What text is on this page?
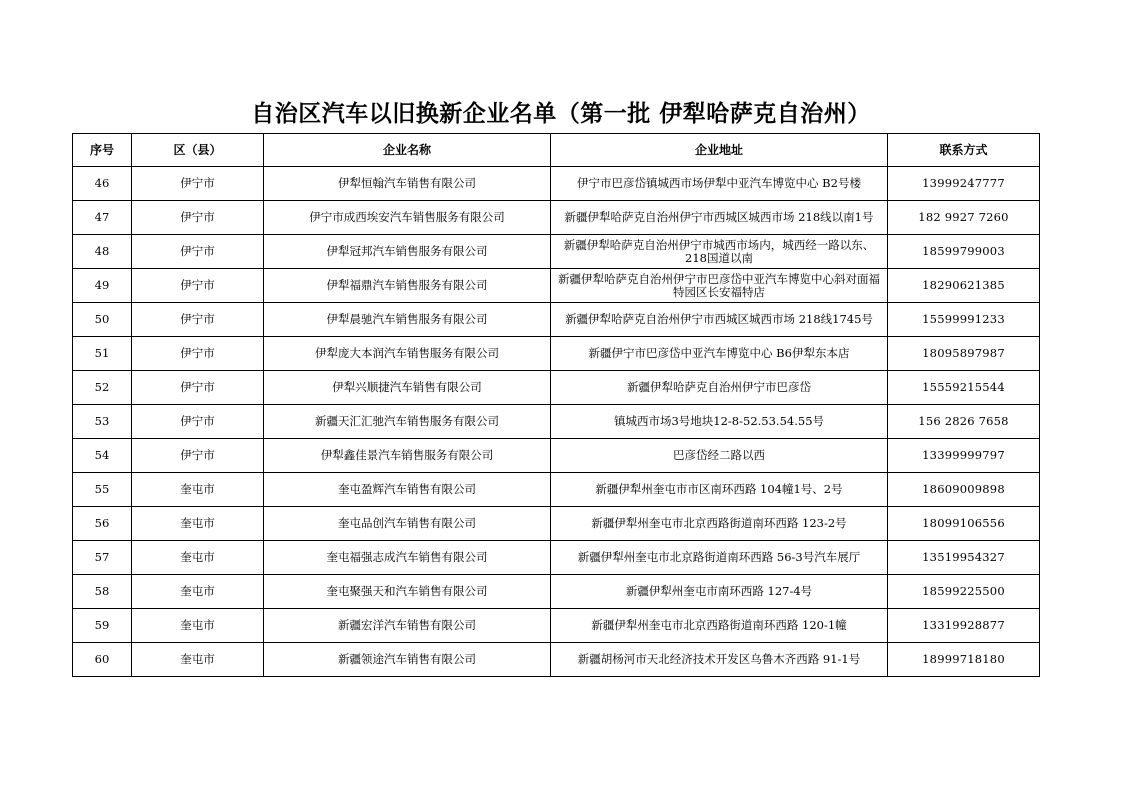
自治区汽车以旧换新企业名单（第一批 伊犁哈萨克自治州）
序号	区（县）	企业名称	企业地址	联系方式
46	伊宁市	伊犁恒翰汽车销售有限公司	伊宁市巴彦岱镇城西市场伊犁中亚汽车博览中心 B2号楼	13999247777
47	伊宁市	伊宁市成西埃安汽车销售服务有限公司	新疆伊犁哈萨克自治州伊宁市西城区城西市场 218线以南1号	182 9927 7260
48	伊宁市	伊犁冠邦汽车销售服务有限公司	新疆伊犁哈萨克自治州伊宁市城西市场内，城西经一路以东、218国道以南	18599799003
49	伊宁市	伊犁福鼎汽车销售服务有限公司	新疆伊犁哈萨克自治州伊宁市巴彦岱中亚汽车博览中心斜对面福特园区长安福特店	18290621385
50	伊宁市	伊犁晨驰汽车销售服务有限公司	新疆伊犁哈萨克自治州伊宁市西城区城西市场 218线1745号	15599991233
51	伊宁市	伊犁庞大本润汽车销售服务有限公司	新疆伊宁市巴彦岱中亚汽车博览中心 B6伊犁东本店	18095897987
52	伊宁市	伊犁兴顺捷汽车销售有限公司	新疆伊犁哈萨克自治州伊宁市巴彦岱	15559215544
53	伊宁市	新疆天汇汇驰汽车销售服务有限公司	镇城西市场3号地块12-8-52.53.54.55号	156 2826 7658
54	伊宁市	伊犁鑫佳景汽车销售服务有限公司	巴彦岱经二路以西	13399999797
55	奎屯市	奎屯盈辉汽车销售有限公司	新疆伊犁州奎屯市市区南环西路 104幢1号、2号	18609009898
56	奎屯市	奎屯品创汽车销售有限公司	新疆伊犁州奎屯市北京西路街道南环西路 123-2号	18099106556
57	奎屯市	奎屯福强志成汽车销售有限公司	新疆伊犁州奎屯市北京路街道南环西路 56-3号汽车展厅	13519954327
58	奎屯市	奎屯聚强天和汽车销售有限公司	新疆伊犁州奎屯市南环西路 127-4号	18599225500
59	奎屯市	新疆宏洋汽车销售有限公司	新疆伊犁州奎屯市北京西路街道南环西路 120-1幢	13319928877
60	奎屯市	新疆领途汽车销售有限公司	新疆胡杨河市天北经济技术开发区乌鲁木齐西路 91-1号	18999718180
